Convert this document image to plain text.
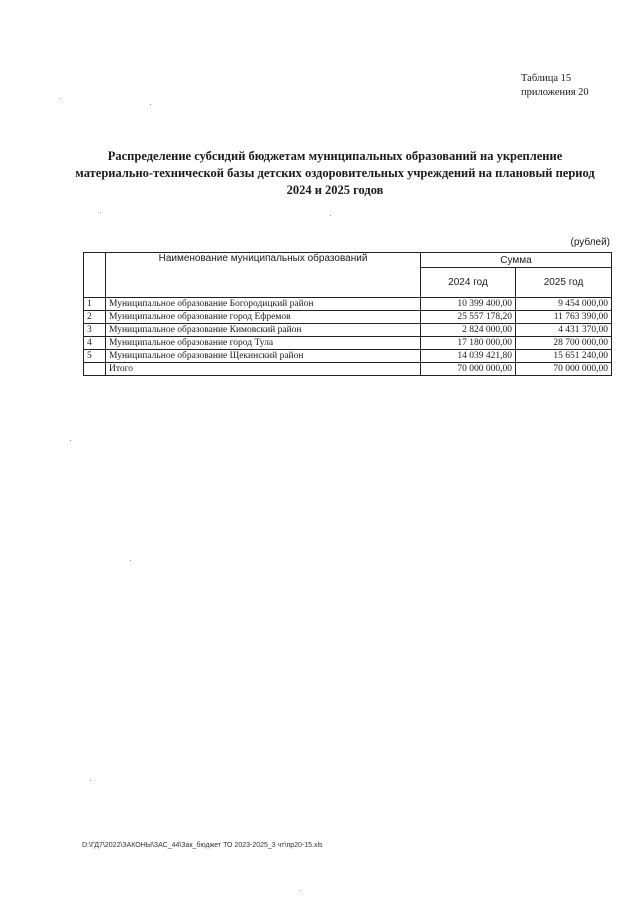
Таблица 15
приложения 20
Распределение субсидий бюджетам муниципальных образований на укрепление
материально-технической базы детских оздоровительных учреждений на плановый период
2024 и 2025 годов
(рублей)
	Наименование муниципальных образований	Сумма	
		2024 год	2025 год
1	Муниципальное образование Богородицкий район	10 399 400,00	9 454 000,00
2	Муниципальное образование город Ефремов	25 557 178,20	11 763 390,00
3	Муниципальное образование Кимовский район	2 824 000,00	4 431 370,00
4	Муниципальное образование город Тула	17 180 000,00	28 700 000,00
5	Муниципальное образование Щекинский район	14 039 421,80	15 651 240,00
	Итого	70 000 000,00	70 000 000,00
D:\ГД7\2022\ЗАКОНЫ\ЗАС_44\Зак_бюджет ТО 2023-2025_3 чт\пр20-15.xls
